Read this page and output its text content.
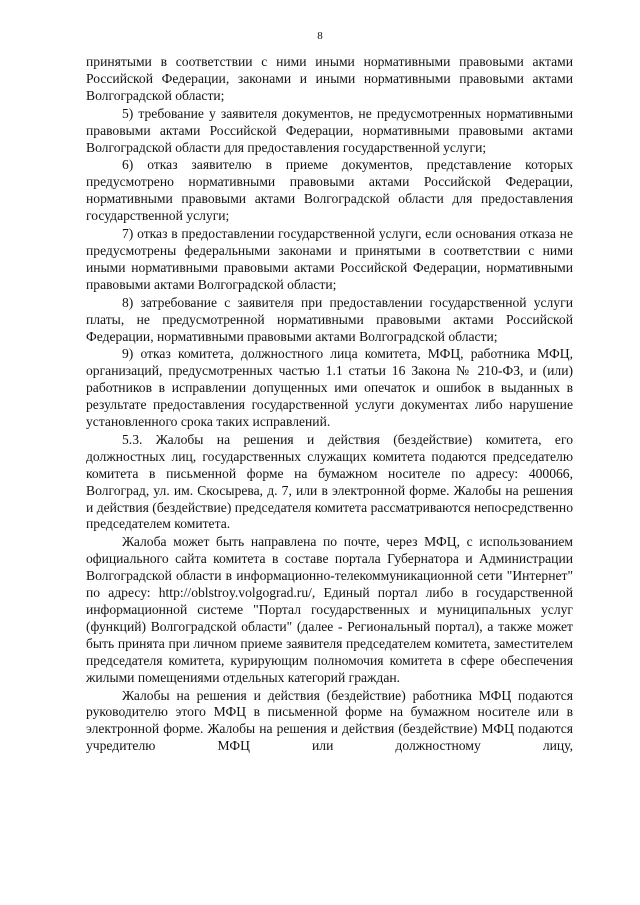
8

принятыми в соответствии с ними иными нормативными правовыми актами Российской Федерации, законами и иными нормативными правовыми актами Волгоградской области;

5) требование у заявителя документов, не предусмотренных нормативными правовыми актами Российской Федерации, нормативными правовыми актами Волгоградской области для предоставления государственной услуги;

6) отказ заявителю в приеме документов, представление которых предусмотрено нормативными правовыми актами Российской Федерации, нормативными правовыми актами Волгоградской области для предоставления государственной услуги;

7) отказ в предоставлении государственной услуги, если основания отказа не предусмотрены федеральными законами и принятыми в соответствии с ними иными нормативными правовыми актами Российской Федерации, нормативными правовыми актами Волгоградской области;

8) затребование с заявителя при предоставлении государственной услуги платы, не предусмотренной нормативными правовыми актами Российской Федерации, нормативными правовыми актами Волгоградской области;

9) отказ комитета, должностного лица комитета, МФЦ, работника МФЦ, организаций, предусмотренных частью 1.1 статьи 16 Закона № 210-ФЗ, и (или) работников в исправлении допущенных ими опечаток и ошибок в выданных в результате предоставления государственной услуги документах либо нарушение установленного срока таких исправлений.

5.3. Жалобы на решения и действия (бездействие) комитета, его должностных лиц, государственных служащих комитета подаются председателю комитета в письменной форме на бумажном носителе по адресу: 400066, Волгоград, ул. им. Скосырева, д. 7, или в электронной форме. Жалобы на решения и действия (бездействие) председателя комитета рассматриваются непосредственно председателем комитета.

Жалоба может быть направлена по почте, через МФЦ, с использованием официального сайта комитета в составе портала Губернатора и Администрации Волгоградской области в информационно-телекоммуникационной сети "Интернет" по адресу: http://oblstroy.volgograd.ru/, Единый портал либо в государственной информационной системе "Портал государственных и муниципальных услуг (функций) Волгоградской области" (далее - Региональный портал), а также может быть принята при личном приеме заявителя председателем комитета, заместителем председателя комитета, курирующим полномочия комитета в сфере обеспечения жилыми помещениями отдельных категорий граждан.

Жалобы на решения и действия (бездействие) работника МФЦ подаются руководителю этого МФЦ в письменной форме на бумажном носителе или в электронной форме. Жалобы на решения и действия (бездействие) МФЦ подаются учредителю МФЦ или должностному лицу,
